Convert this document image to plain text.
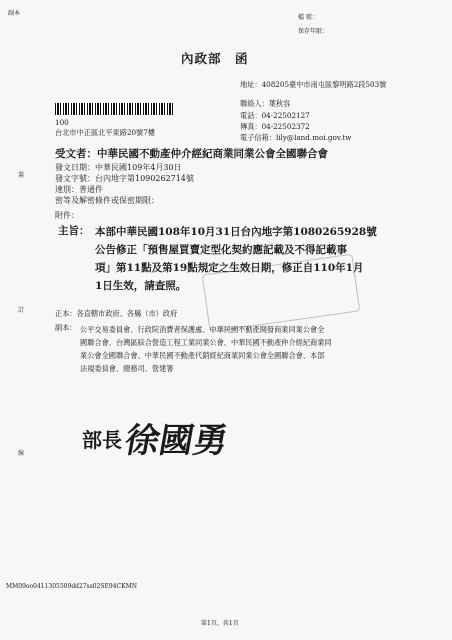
副本
檔 號：
保存年限：
內政部　函
地址：408205臺中市南屯區黎明路2段503號
聯絡人：葉秋容
電話：04-22502127
傳真：04-22502372
電子信箱：lily@land.moi.gov.tw
100
台北市中正區北平東路20號7樓
受文者：中華民國不動產仲介經紀商業同業公會全國聯合會
發文日期：中華民國109年4月30日
發文字號：台內地字第1090262714號
速別：普通件
密等及解密條件或保密期限：
附件：
主旨： 本部中華民國108年10月31日台內地字第1080265928號
公告修正「預售屋買賣定型化契約應記載及不得記載事
項」第11點及第19點規定之生效日期，修正自110年1月
1日生效，請查照。
正本：各直轄市政府、各縣（市）政府
副本： 公平交易委員會、行政院消費者保護處、中華民國不動產開發商業同業公會全
國聯合會、台灣區綜合營造工程工業同業公會、中華民國不動產仲介經紀商業同
業公會全國聯合會、中華民國不動產代銷經紀商業同業公會全國聯合會、本部
法規委員會、總務司、營建署
部長 徐國勇
MM09oo0411305509dd27ss02SE94CKMN
第1頁，共1頁
裝
訂
線
